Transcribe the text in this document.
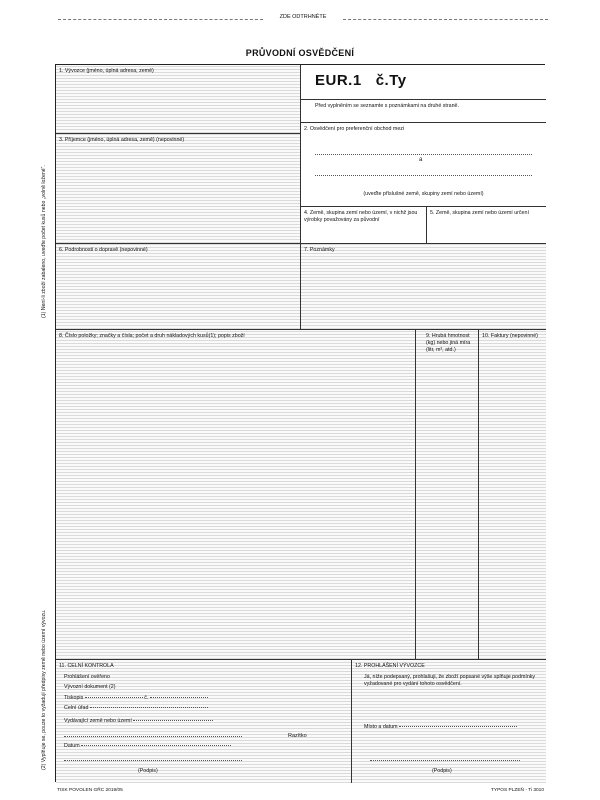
ZDE ODTRHNĚTE
PRŮVODNÍ OSVĚDČENÍ
(1) Není-li zboží zabaleno, uveďte počet kusů nebo „volně ložené“.
(2) Vyplňuje se, pouze to vyžadují předpisy země nebo území vývozu.
1. Vývozce (jméno, úplná adresa, země)
EUR.1 č.Ty
Před vyplněním se seznamte s poznámkami na druhé straně.
2. Osvědčení pro preferenční obchod mezi
a
(uveďte příslušné země, skupiny zemí nebo území)
3. Příjemce (jméno, úplná adresa, země) (nepovinné)
4. Země, skupina zemí nebo území, v nichž jsou výrobky považovány za původní
5. Země, skupina zemí nebo území určení
6. Podrobnosti o dopravě (nepovinné)	7. Poznámky
8. Číslo položky; značky a čísla; počet a druh nákladových kusů(1); popis zboží	9. Hrubá hmotnost (kg) nebo jiná míra (litr, m³, atd.)
10. Faktury (nepovinné)
11. CELNÍ KONTROLA
Prohlášení ověřeno
Vývozní dokument (2)
Tiskopis	č.
Celní úřad
Vydávající země nebo území
Datum
Razítko
(Podpis)
12. PROHLÁŠENÍ VÝVOZCE
Já, níže podepsaný, prohlašuji, že zboží popsané výše splňuje podmínky vyžadované pro vydání tohoto osvědčení.
Místo a datum
(Podpis)
TISK POVOLEN GŘC 2019/05	TYPOS PLZEŇ - Ti 3010
